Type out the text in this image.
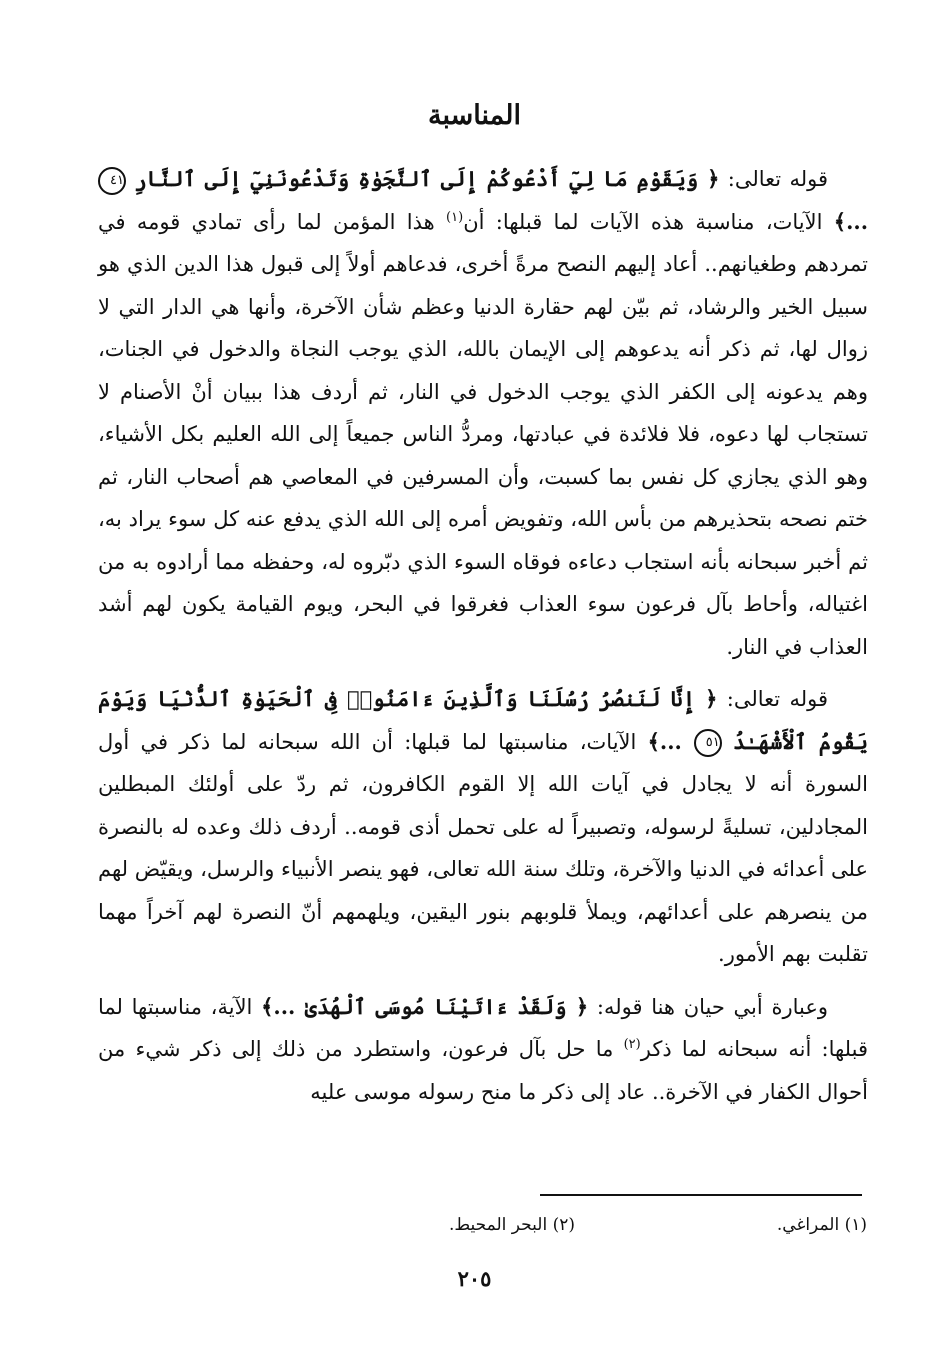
المناسبة

قوله تعالى: ﴿ وَيَقَوْمِ مَا لِيٓ أَدْعُوكُمْ إِلَى ٱلنَّجَوٰةِ وَتَدْعُونَنِيٓ إِلَى ٱلنَّارِ ٤١ ...﴾ الآيات، مناسبة هذه الآيات لما قبلها: أن$^{(١)}$ هذا المؤمن لما رأى تمادي قومه في تمردهم وطغيانهم.. أعاد إليهم النصح مرةً أخرى، فدعاهم أولاً إلى قبول هذا الدين الذي هو سبيل الخير والرشاد، ثم بيّن لهم حقارة الدنيا وعظم شأن الآخرة، وأنها هي الدار التي لا زوال لها، ثم ذكر أنه يدعوهم إلى الإيمان بالله، الذي يوجب النجاة والدخول في الجنات، وهم يدعونه إلى الكفر الذي يوجب الدخول في النار، ثم أردف هذا ببيان أنْ الأصنام لا تستجاب لها دعوه، فلا فلائدة في عبادتها، ومردُّ الناس جميعاً إلى الله العليم بكل الأشياء، وهو الذي يجازي كل نفس بما كسبت، وأن المسرفين في المعاصي هم أصحاب النار، ثم ختم نصحه بتحذيرهم من بأس الله، وتفويض أمره إلى الله الذي يدفع عنه كل سوء يراد به، ثم أخبر سبحانه بأنه استجاب دعاءه فوقاه السوء الذي دبّروه له، وحفظه مما أرادوه به من اغتياله، وأحاط بآل فرعون سوء العذاب فغرقوا في البحر، ويوم القيامة يكون لهم أشد العذاب في النار.

قوله تعالى: ﴿ إِنَّا لَنَنصُرُ رُسُلَنَا وَٱلَّذِينَ ءَامَنُوا۟ فِى ٱلْحَيَوٰةِ ٱلدُّنْيَا وَيَوْمَ يَقُومُ ٱلْأَشْهَـٰدُ ٥١ ...﴾ الآيات، مناسبتها لما قبلها: أن الله سبحانه لما ذكر في أول السورة أنه لا يجادل في آيات الله إلا القوم الكافرون، ثم ردّ على أولئك المبطلين المجادلين، تسليةً لرسوله، وتصبيراً له على تحمل أذى قومه.. أردف ذلك وعده له بالنصرة على أعدائه في الدنيا والآخرة، وتلك سنة الله تعالى، فهو ينصر الأنبياء والرسل، ويقيّض لهم من ينصرهم على أعدائهم، ويملأ قلوبهم بنور اليقين، ويلهمهم أنّ النصرة لهم آخراً مهما تقلبت بهم الأمور.

وعبارة أبي حيان هنا قوله: ﴿ وَلَقَدْ ءَاتَيْنَا مُوسَى ٱلْهُدَىٰ ...﴾ الآية، مناسبتها لما قبلها: أنه سبحانه لما ذكر$^{(٢)}$ ما حل بآل فرعون، واستطرد من ذلك إلى ذكر شيء من أحوال الكفار في الآخرة.. عاد إلى ذكر ما منح رسوله موسى عليه

(١) المراغي.
(٢) البحر المحيط.
٢٠٥
